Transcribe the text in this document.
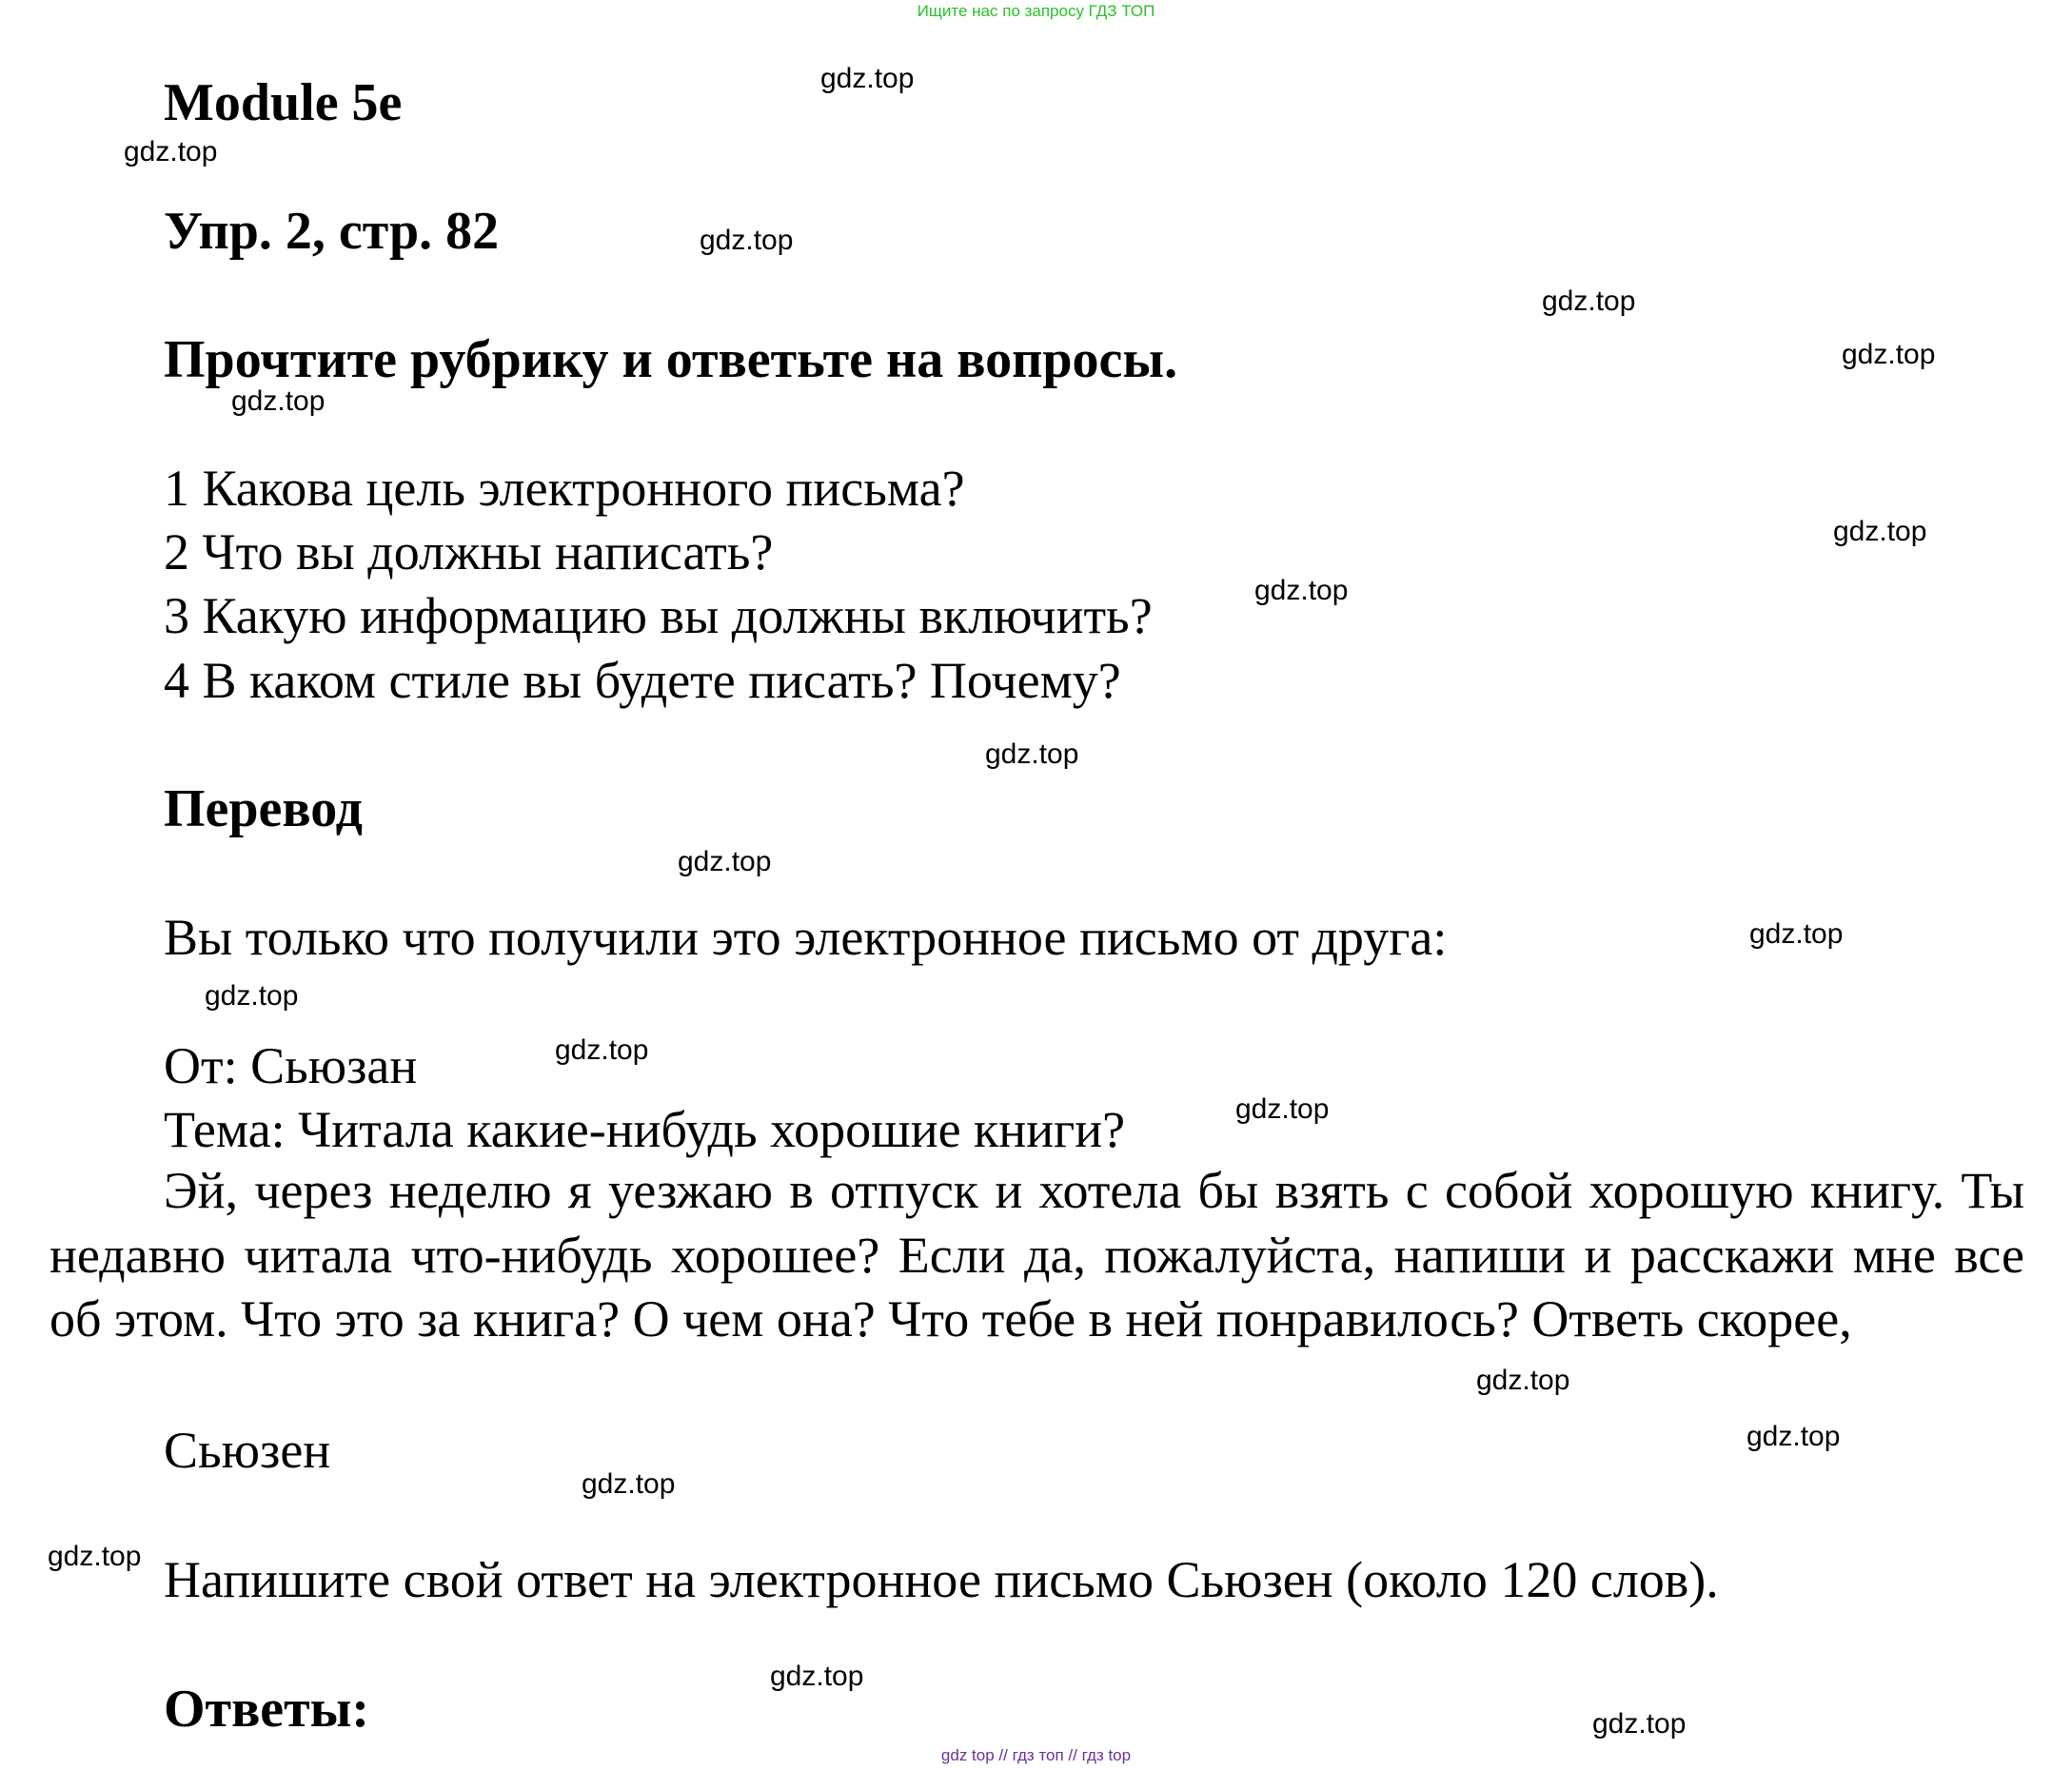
Ищите нас по запросу ГДЗ ТОП
Module 5e
Упр. 2, стр. 82
Прочтите рубрику и ответьте на вопросы.
1 Какова цель электронного письма?
2 Что вы должны написать?
3 Какую информацию вы должны включить?
4 В каком стиле вы будете писать? Почему?
Перевод
Вы только что получили это электронное письмо от друга:
От: Сьюзан
Тема: Читала какие-нибудь хорошие книги?
Эй, через неделю я уезжаю в отпуск и хотела бы взять с собой хорошую книгу. Ты недавно читала что-нибудь хорошее? Если да, пожалуйста, напиши и расскажи мне все об этом. Что это за книга? О чем она? Что тебе в ней понравилось? Ответь скорее,
Сьюзен
Напишите свой ответ на электронное письмо Сьюзен (около 120 слов).
Ответы:
gdz.top
gdz.top
gdz.top
gdz.top
gdz.top
gdz.top
gdz.top
gdz.top
gdz.top
gdz.top
gdz.top
gdz.top
gdz.top
gdz.top
gdz.top
gdz.top
gdz.top
gdz.top
gdz.top
gdz.top
gdz top // гдз топ // гдз top
